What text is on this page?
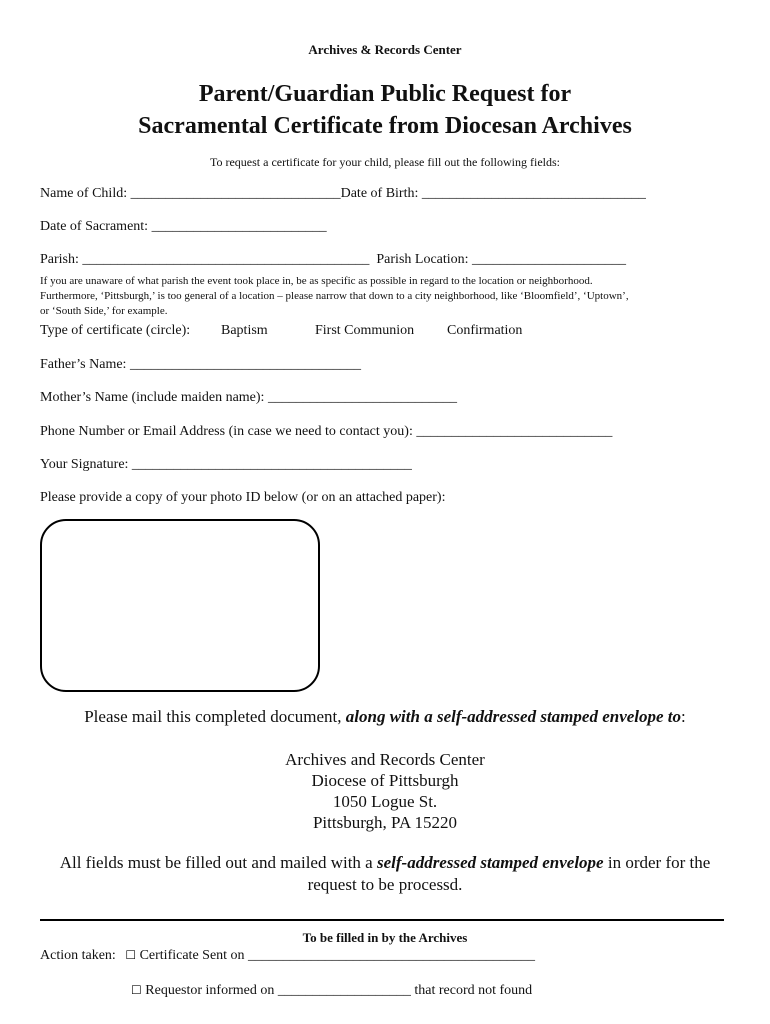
Archives & Records Center
Parent/Guardian Public Request for
Sacramental Certificate from Diocesan Archives
To request a certificate for your child, please fill out the following fields:
Name of Child: ______________________________Date of Birth: ________________________________
Date of Sacrament: _________________________
Parish: _________________________________________ Parish Location: ______________________
If you are unaware of what parish the event took place in, be as specific as possible in regard to the location or neighborhood.
Furthermore, ‘Pittsburgh,’ is too general of a location – please narrow that down to a city neighborhood, like ‘Bloomfield’, ‘Uptown’,
or ‘South Side,’ for example.
Type of certificate (circle): Baptism	First Communion Confirmation
Father’s Name: _________________________________
Mother’s Name (include maiden name): ___________________________
Phone Number or Email Address (in case we need to contact you): ____________________________
Your Signature: ________________________________________
Please provide a copy of your photo ID below (or on an attached paper):
Please mail this completed document, along with a self-addressed stamped envelope to:
Archives and Records Center
Diocese of Pittsburgh
1050 Logue St.
Pittsburgh, PA 15220
All fields must be filled out and mailed with a self-addressed stamped envelope in order for the
request to be processd.
To be filled in by the Archives
Action taken: ☐ Certificate Sent on _________________________________________
☐ Requestor informed on ___________________ that record not found
